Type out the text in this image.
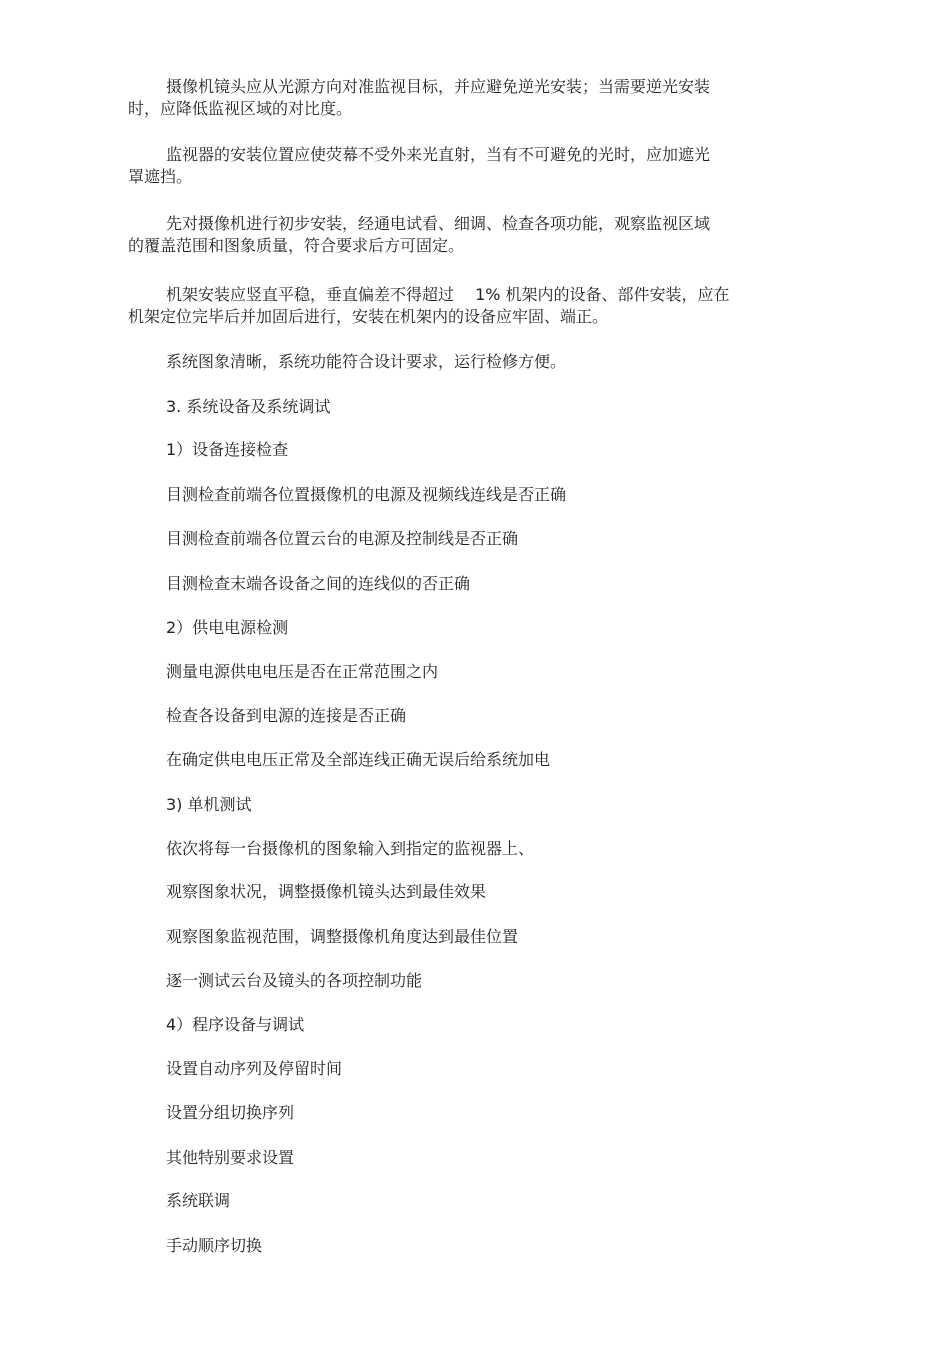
摄像机镜头应从光源方向对准监视目标，并应避免逆光安装；当需要逆光安装
时，应降低监视区域的对比度。

监视器的安装位置应使荧幕不受外来光直射，当有不可避免的光时，应加遮光
罩遮挡。

先对摄像机进行初步安装，经通电试看、细调、检查各项功能，观察监视区域
的覆盖范围和图象质量，符合要求后方可固定。

机架安装应竖直平稳，垂直偏差不得超过　 1% 机架内的设备、部件安装，应在
机架定位完毕后并加固后进行，安装在机架内的设备应牢固、端正。

系统图象清晰，系统功能符合设计要求，运行检修方便。

3. 系统设备及系统调试

1）设备连接检查

目测检查前端各位置摄像机的电源及视频线连线是否正确

目测检查前端各位置云台的电源及控制线是否正确

目测检查末端各设备之间的连线似的否正确

2）供电电源检测

测量电源供电电压是否在正常范围之内

检查各设备到电源的连接是否正确

在确定供电电压正常及全部连线正确无误后给系统加电

3) 单机测试

依次将每一台摄像机的图象输入到指定的监视器上、

观察图象状况，调整摄像机镜头达到最佳效果

观察图象监视范围，调整摄像机角度达到最佳位置

逐一测试云台及镜头的各项控制功能

4）程序设备与调试

设置自动序列及停留时间

设置分组切换序列

其他特别要求设置

系统联调

手动顺序切换
